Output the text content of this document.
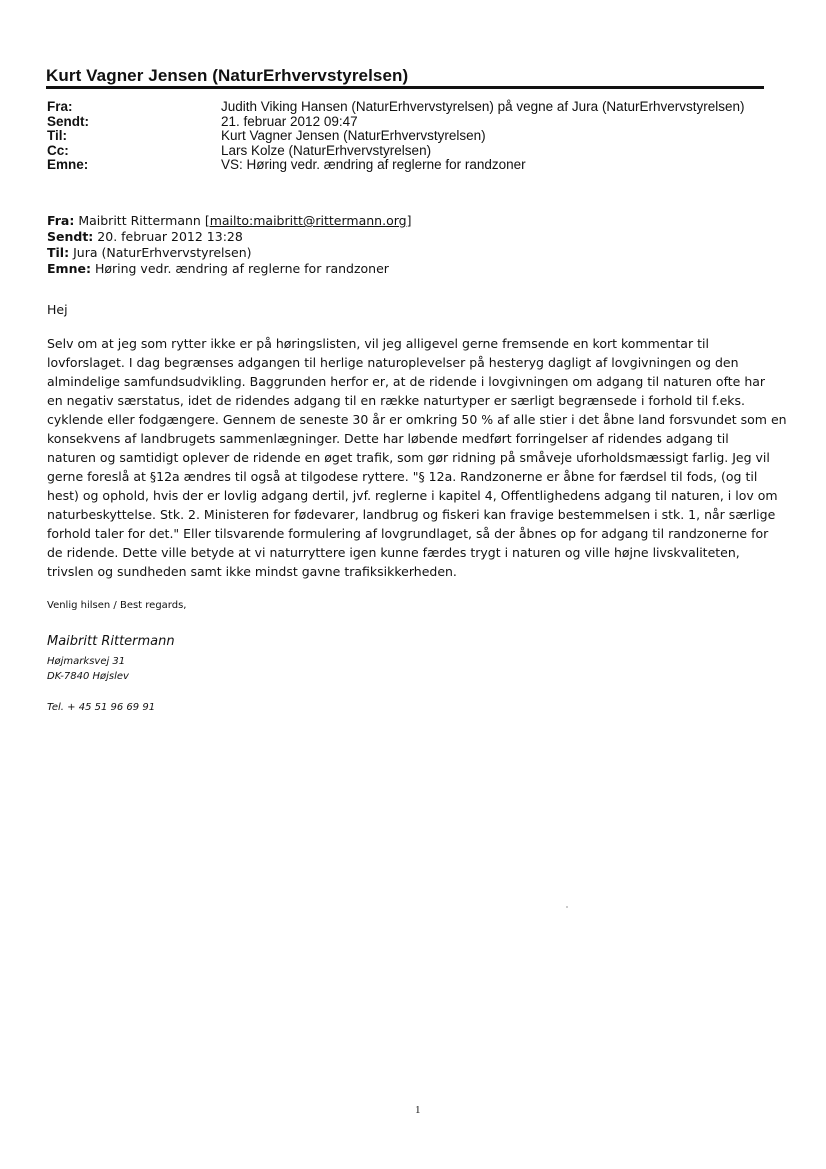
Kurt Vagner Jensen (NaturErhvervstyrelsen)
Fra:	Judith Viking Hansen (NaturErhvervstyrelsen) på vegne af Jura (NaturErhvervstyrelsen)
Sendt:	21. februar 2012 09:47
Til:	Kurt Vagner Jensen (NaturErhvervstyrelsen)
Cc:	Lars Kolze (NaturErhvervstyrelsen)
Emne:	VS: Høring vedr. ændring af reglerne for randzoner
Fra: Maibritt Rittermann [mailto:maibritt@rittermann.org]
Sendt: 20. februar 2012 13:28
Til: Jura (NaturErhvervstyrelsen)
Emne: Høring vedr. ændring af reglerne for randzoner
Hej
Selv om at jeg som rytter ikke er på høringslisten, vil jeg alligevel gerne fremsende en kort kommentar til
lovforslaget. I dag begrænses adgangen til herlige naturoplevelser på hesteryg dagligt af lovgivningen og den
almindelige samfundsudvikling. Baggrunden herfor er, at de ridende i lovgivningen om adgang til naturen ofte har
en negativ særstatus, idet de ridendes adgang til en række naturtyper er særligt begrænsede i forhold til f.eks.
cyklende eller fodgængere. Gennem de seneste 30 år er omkring 50 % af alle stier i det åbne land forsvundet som en
konsekvens af landbrugets sammenlægninger. Dette har løbende medført forringelser af ridendes adgang til
naturen og samtidigt oplever de ridende en øget trafik, som gør ridning på småveje uforholdsmæssigt farlig. Jeg vil
gerne foreslå at §12a ændres til også at tilgodese ryttere. "§ 12a. Randzonerne er åbne for færdsel til fods, (og til
hest) og ophold, hvis der er lovlig adgang dertil, jvf. reglerne i kapitel 4, Offentlighedens adgang til naturen, i lov om
naturbeskyttelse. Stk. 2. Ministeren for fødevarer, landbrug og fiskeri kan fravige bestemmelsen i stk. 1, når særlige
forhold taler for det." Eller tilsvarende formulering af lovgrundlaget, så der åbnes op for adgang til randzonerne for
de ridende. Dette ville betyde at vi naturryttere igen kunne færdes trygt i naturen og ville højne livskvaliteten,
trivslen og sundheden samt ikke mindst gavne trafiksikkerheden.
Venlig hilsen / Best regards,
Maibritt Rittermann
Højmarksvej 31
DK-7840 Højslev
Tel. + 45 51 96 69 91
1
